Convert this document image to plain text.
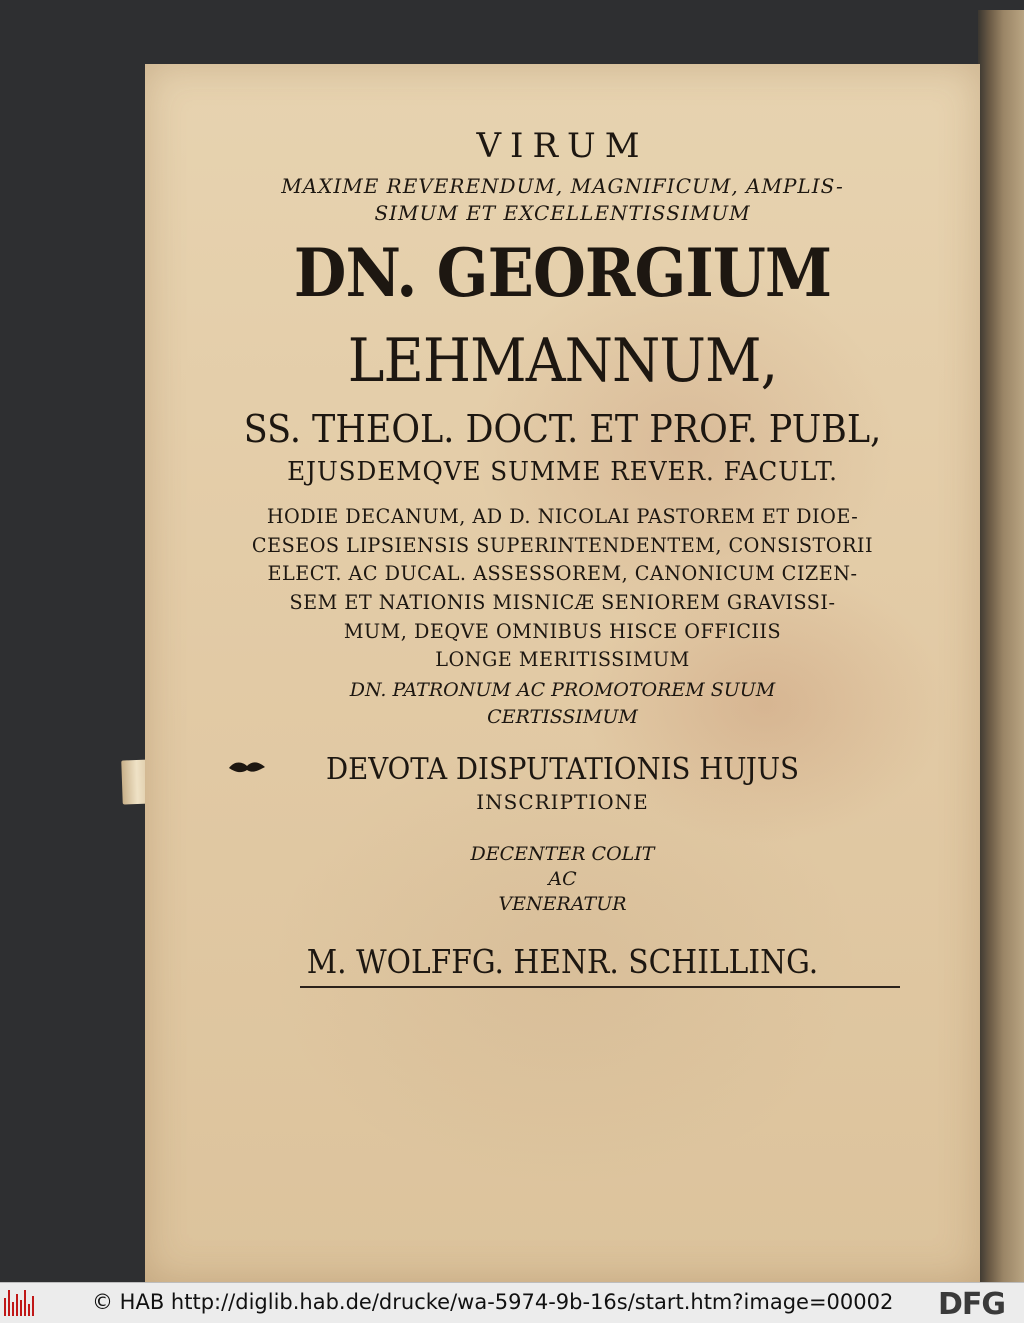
VIRUM
MAXIME REVERENDUM, MAGNIFICUM, AMPLIS-
SIMUM ET EXCELLENTISSIMUM
DN. GEORGIUM
LEHMANNUM,
SS. THEOL. DOCT. ET PROF. PUBL,
EJUSDEMQVE SUMME REVER. FACULT.
HODIE DECANUM, AD D. NICOLAI PASTOREM ET DIOE-
CESEOS LIPSIENSIS SUPERINTENDENTEM, CONSISTORII
ELECT. AC DUCAL. ASSESSOREM, CANONICUM CIZEN-
SEM ET NATIONIS MISNICÆ SENIOREM GRAVISSI-
MUM, DEQVE OMNIBUS HISCE OFFICIIS
LONGE MERITISSIMUM
DN. PATRONUM AC PROMOTOREM SUUM
CERTISSIMUM
DEVOTA DISPUTATIONIS HUJUS
INSCRIPTIONE
DECENTER COLIT
AC
VENERATUR
M. WOLFFG. HENR. SCHILLING.
© HAB http://diglib.hab.de/drucke/wa-5974-9b-16s/start.htm?image=00002 DFG
